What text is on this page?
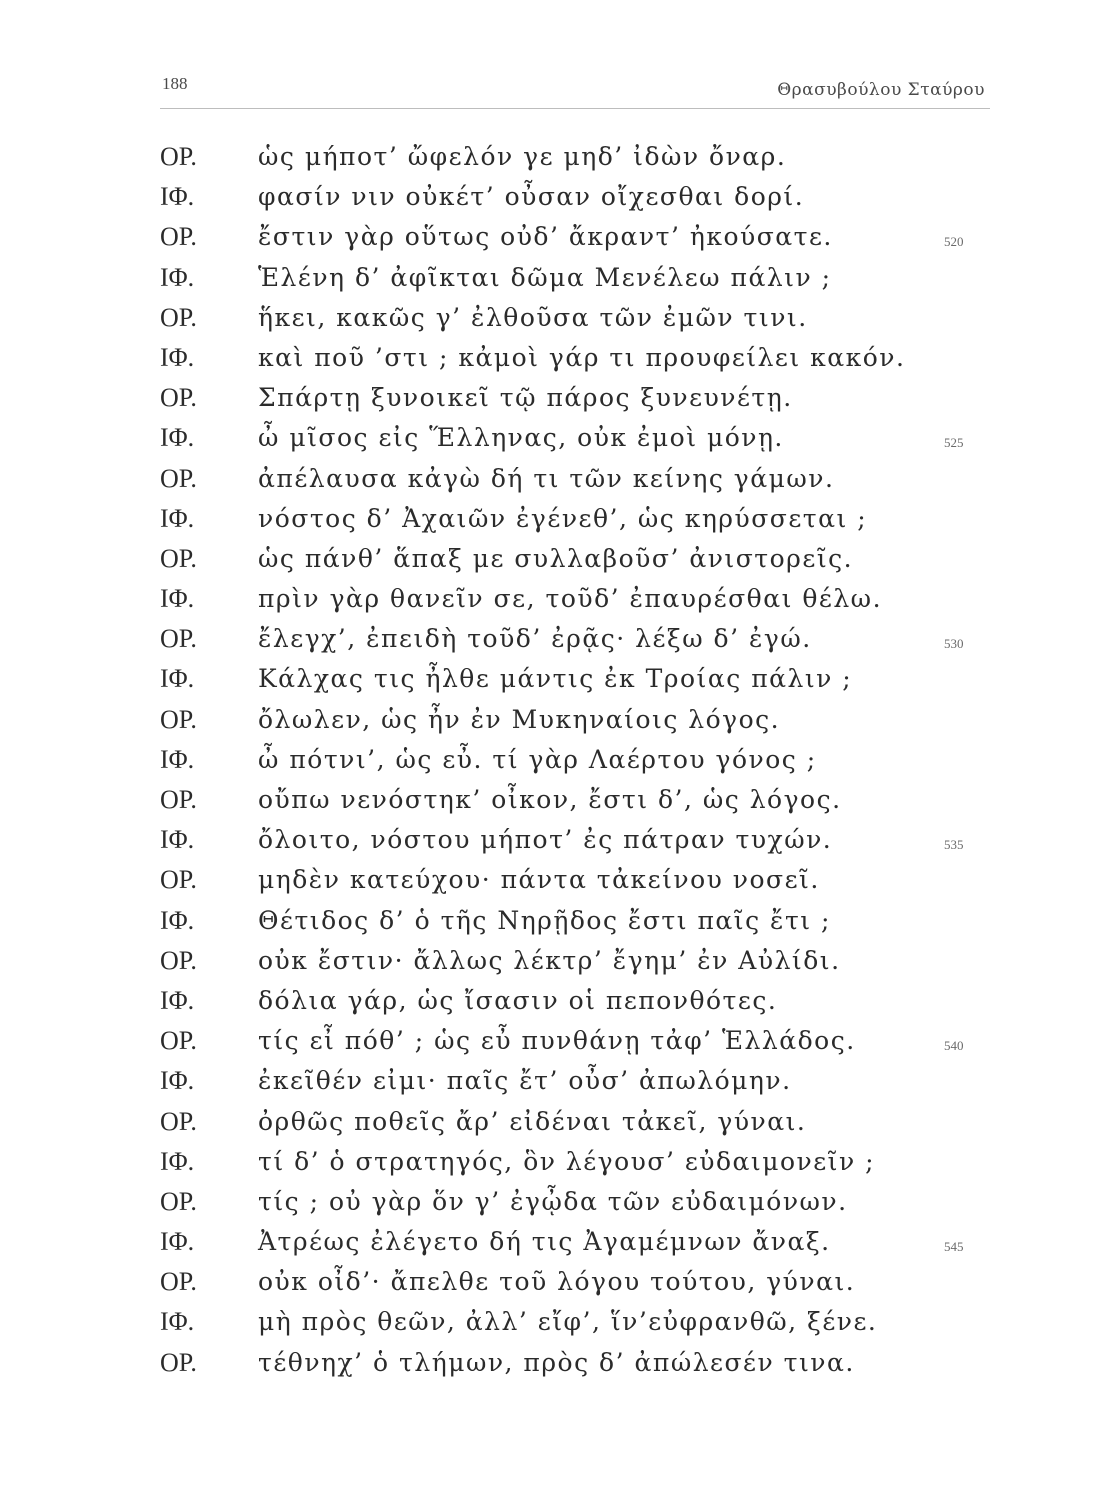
188	Θρασυβούλου Σταύρου
ΟΡ. ὡς μήποτ’ ὤφελόν γε μηδ’ ἰδὼν ὄναρ.
ΙΦ.	φασίν νιν οὐκέτ’ οὖσαν οἴχεσθαι δορί.
ΟΡ. ἔστιν γὰρ οὕτως οὐδ’ ἄκραντ’ ἠκούσατε.	520
ΙΦ.	Ἑλένη δ’ ἀφῖκται δῶμα Μενέλεω πάλιν ;
ΟΡ. ἥκει, κακῶς γ’ ἐλθοῦσα τῶν ἐμῶν τινι.
ΙΦ.	καὶ ποῦ ’στι ; κἀμοὶ γάρ τι προυφείλει κακόν.
ΟΡ. Σπάρτῃ ξυνοικεῖ τῷ πάρος ξυνευνέτῃ.
ΙΦ.	ὦ μῖσος εἰς Ἕλληνας, οὐκ ἐμοὶ μόνῃ.	525
ΟΡ. ἀπέλαυσα κἀγὼ δή τι τῶν κείνης γάμων.
ΙΦ.	νόστος δ’ Ἀχαιῶν ἐγένεθ’, ὡς κηρύσσεται ;
ΟΡ. ὡς πάνθ’ ἅπαξ με συλλαβοῦσ’ ἀνιστορεῖς.
ΙΦ.	πρὶν γὰρ θανεῖν σε, τοῦδ’ ἐπαυρέσθαι θέλω.
ΟΡ. ἔλεγχ’, ἐπειδὴ τοῦδ’ ἐρᾷς· λέξω δ’ ἐγώ.	530
ΙΦ.	Κάλχας τις ἦλθε μάντις ἐκ Τροίας πάλιν ;
ΟΡ. ὄλωλεν, ὡς ἦν ἐν Μυκηναίοις λόγος.
ΙΦ.	ὦ πότνι’, ὡς εὖ. τί γὰρ Λαέρτου γόνος ;
ΟΡ. οὔπω νενόστηκ’ οἶκον, ἔστι δ’, ὡς λόγος.
ΙΦ.	ὄλοιτο, νόστου μήποτ’ ἐς πάτραν τυχών.	535
ΟΡ. μηδὲν κατεύχου· πάντα τἀκείνου νοσεῖ.
ΙΦ.	Θέτιδος δ’ ὁ τῆς Νηρῇδος ἔστι παῖς ἔτι ;
ΟΡ. οὐκ ἔστιν· ἄλλως λέκτρ’ ἔγημ’ ἐν Αὐλίδι.
ΙΦ.	δόλια γάρ, ὡς ἴσασιν οἱ πεπονθότες.
ΟΡ. τίς εἶ πόθ’ ; ὡς εὖ πυνθάνῃ τἀφ’ Ἑλλάδος.	540
ΙΦ.	ἐκεῖθέν εἰμι· παῖς ἔτ’ οὖσ’ ἀπωλόμην.
ΟΡ. ὀρθῶς ποθεῖς ἄρ’ εἰδέναι τἀκεῖ, γύναι.
ΙΦ.	τί δ’ ὁ στρατηγός, ὃν λέγουσ’ εὐδαιμονεῖν ;
ΟΡ. τίς ; οὐ γὰρ ὅν γ’ ἐγᾦδα τῶν εὐδαιμόνων.
ΙΦ.	Ἀτρέως ἐλέγετο δή τις Ἀγαμέμνων ἄναξ.	545
ΟΡ. οὐκ οἶδ’· ἄπελθε τοῦ λόγου τούτου, γύναι.
ΙΦ.	μὴ πρὸς θεῶν, ἀλλ’ εἴφ’, ἵν’εὐφρανθῶ, ξένε.
ΟΡ. τέθνηχ’ ὁ τλήμων, πρὸς δ’ ἀπώλεσέν τινα.
